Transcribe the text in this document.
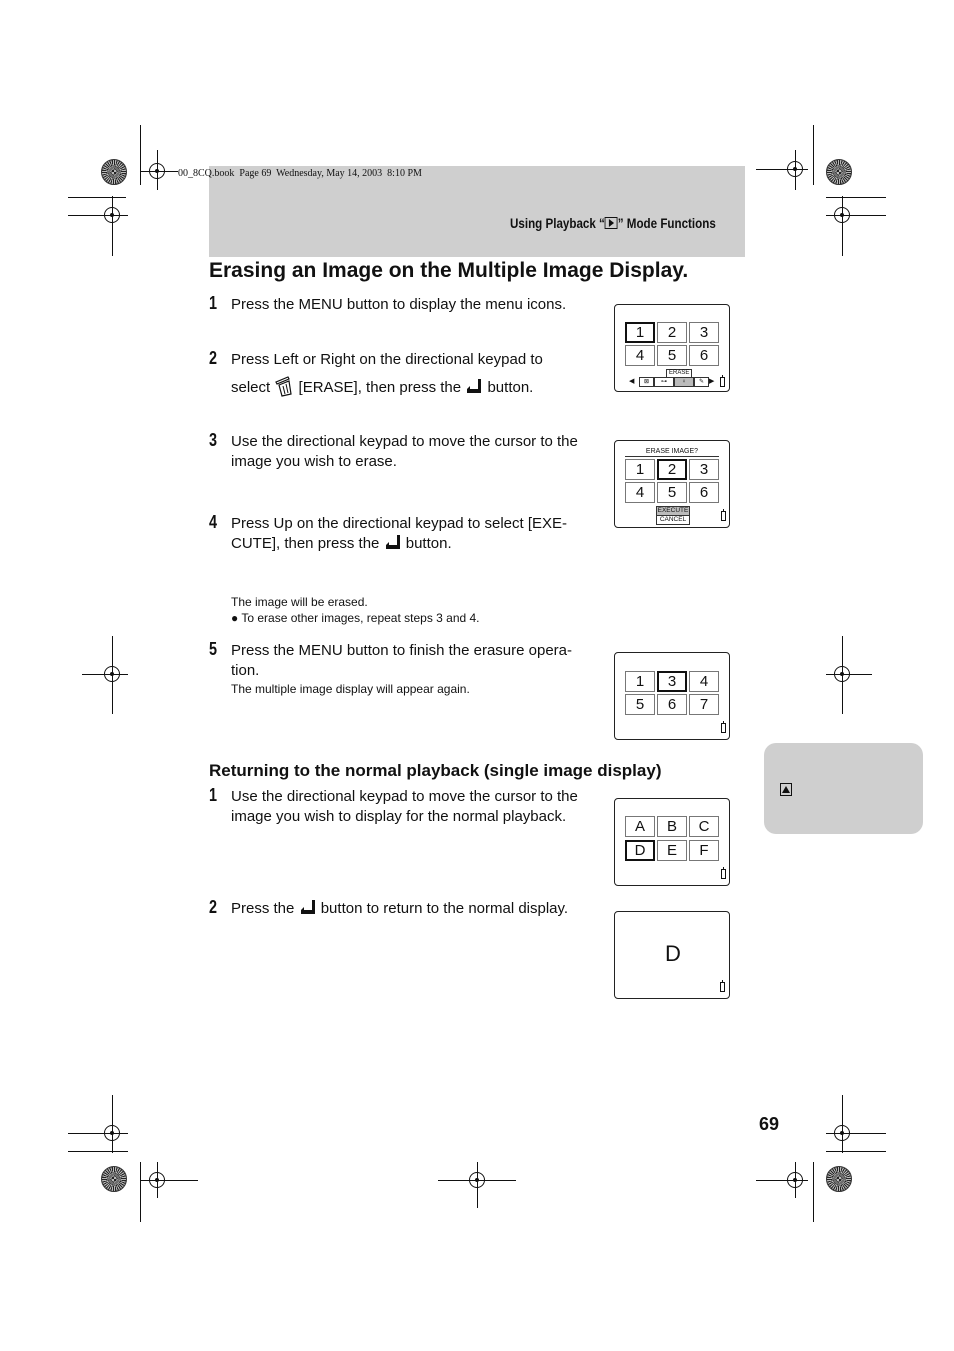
00_8CQ.book  Page 69  Wednesday, May 14, 2003  8:10 PM
Using Playback “ ” Mode Functions
Erasing an Image on the Multiple Image Display.
1 Press the MENU button to display the menu icons.
2 Press Left or Right on the directional keypad to
select [ERASE], then press the button.
3 Use the directional keypad to move the cursor to the
image you wish to erase.
4 Press Up on the directional keypad to select [EXE-
CUTE], then press the button.
The image will be erased.
● To erase other images, repeat steps 3 and 4.
5 Press the MENU button to finish the erasure opera-
tion.
The multiple image display will appear again.
Returning to the normal playback (single image display)
1 Use the directional keypad to move the cursor to the
image you wish to display for the normal playback.
2 Press the button to return to the normal display.
1	2	3
4	5	6
ERASE
◀	⊠	⊶	♀	✎ ▶
ERASE IMAGE?
1	2	3
4	5	6
EXECUTE
CANCEL
1	3	4
5	6	7
A	B	C
D	E	F
D
69
